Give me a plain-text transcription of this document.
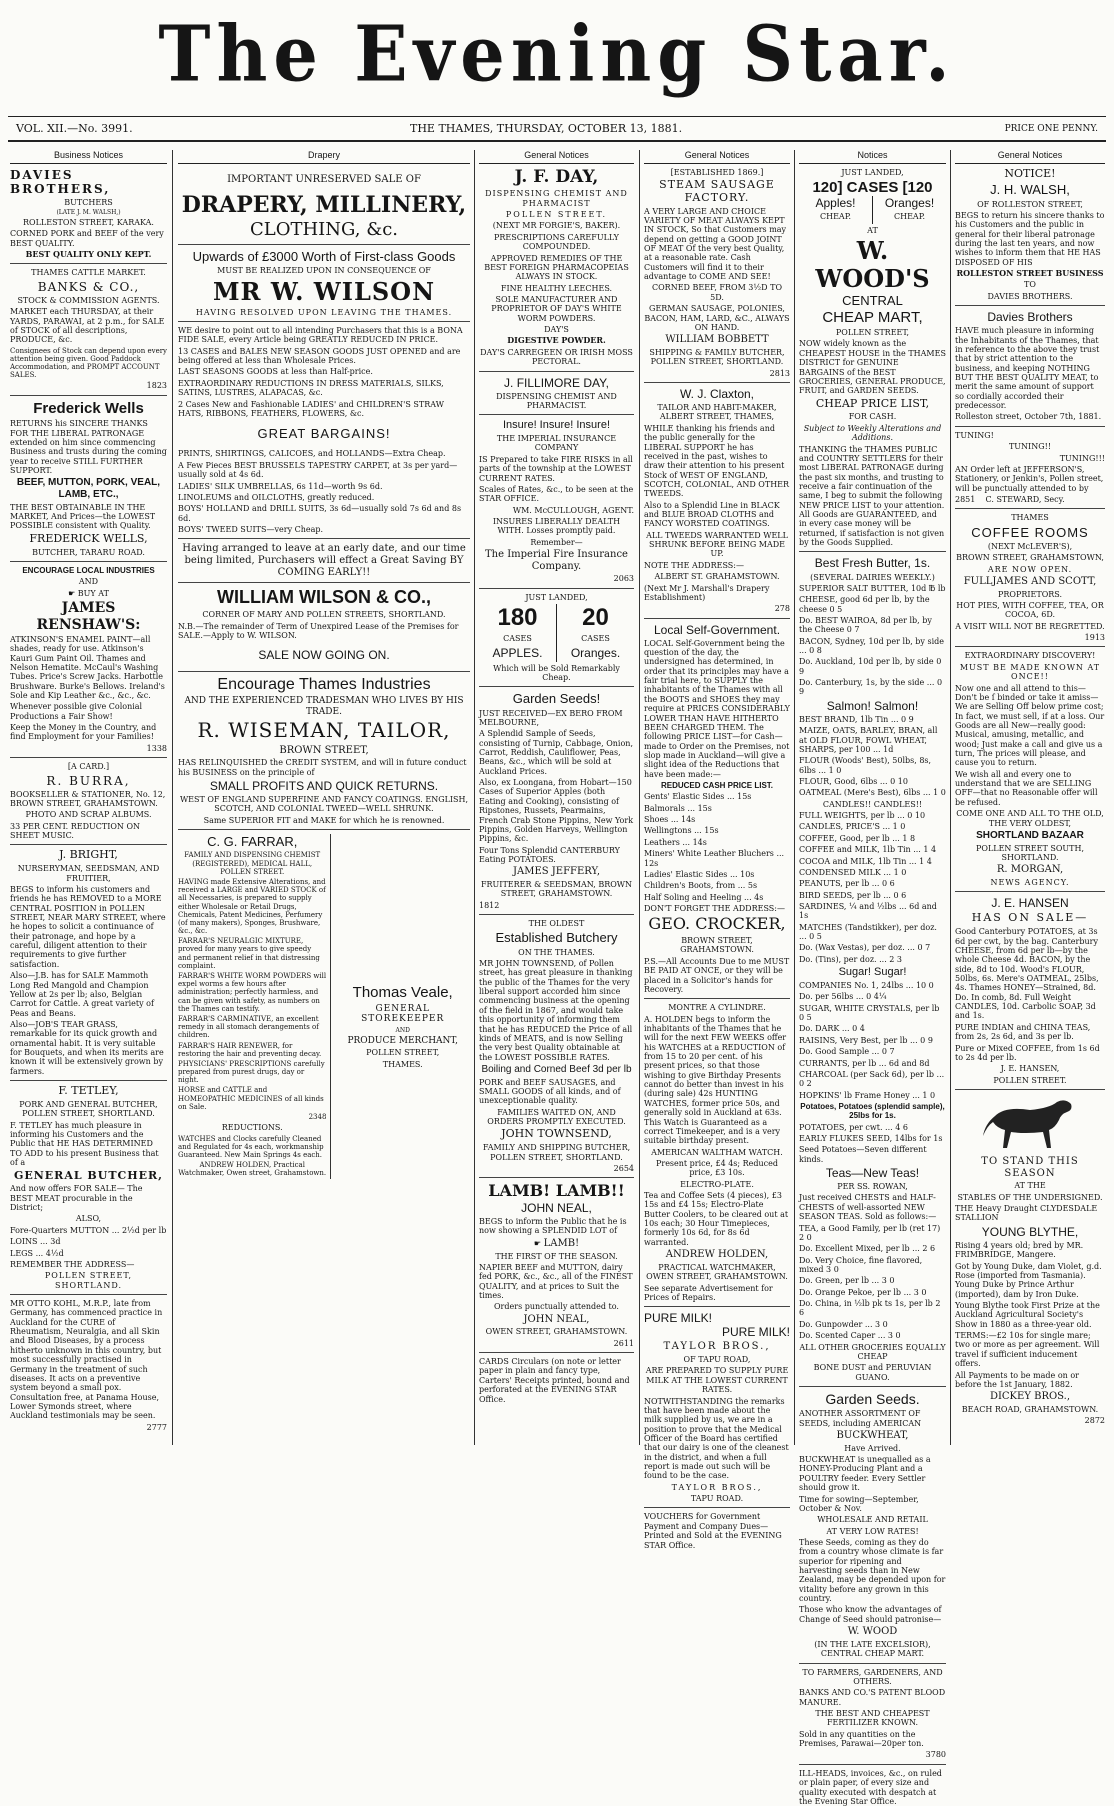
The Evening Star.
VOL. XII.—No. 3991.	THE THAMES, THURSDAY, OCTOBER 13, 1881.	PRICE ONE PENNY.
Business Notices
DAVIES BROTHERS,

BUTCHERS

(LATE J. M. WALSH,)

ROLLESTON STREET, KARAKA.

CORNED PORK and BEEF of the very BEST QUALITY.

BEST QUALITY ONLY KEPT.

THAMES CATTLE MARKET.

BANKS & CO.,

STOCK & COMMISSION AGENTS.

MARKET each THURSDAY, at their YARDS, PARAWAI, at 2 p.m., for SALE of STOCK of all descriptions, PRODUCE, &c.

Consignees of Stock can depend upon every attention being given. Good Paddock Accommodation, and PROMPT ACCOUNT SALES.

1823

Frederick Wells

RETURNS his SINCERE THANKS FOR THE LIBERAL PATRONAGE extended on him since commencing Business and trusts during the coming year to receive STILL FURTHER SUPPORT.

BEEF, MUTTON, PORK, VEAL, LAMB, ETC.,

THE BEST OBTAINABLE IN THE MARKET, And Prices—the LOWEST POSSIBLE consistent with Quality.

FREDERICK WELLS,

BUTCHER, TARARU ROAD.

ENCOURAGE LOCAL INDUSTRIES

AND

☛ BUY AT

JAMES RENSHAW'S:

ATKINSON'S ENAMEL PAINT—all shades, ready for use. Atkinson's Kauri Gum Paint Oil. Thames and Nelson Hematite. McCaul's Washing Tubes. Price's Screw Jacks. Harbottle Brushware. Burke's Bellows. Ireland's Sole and Kip Leather &c., &c., &c.

Whenever possible give Colonial Productions a Fair Show!

Keep the Money in the Country, and find Employment for your Families!

1338

[A CARD.]

R. BURRA,

BOOKSELLER & STATIONER, No. 12, BROWN STREET, GRAHAMSTOWN.

PHOTO AND SCRAP ALBUMS.

33 PER CENT. REDUCTION ON SHEET MUSIC.

J. BRIGHT,

NURSERYMAN, SEEDSMAN, AND FRUITIER,

BEGS to inform his customers and friends he has REMOVED to a MORE CENTRAL POSITION in POLLEN STREET, NEAR MARY STREET, where he hopes to solicit a continuance of their patronage, and hope by a careful, diligent attention to their requirements to give further satisfaction.

Also—J.B. has for SALE Mammoth Long Red Mangold and Champion Yellow at 2s per lb; also, Belgian Carrot for Cattle. A great variety of Peas and Beans.

Also—JOB'S TEAR GRASS, remarkable for its quick growth and ornamental habit. It is very suitable for Bouquets, and when its merits are known it will be extensively grown by farmers.

F. TETLEY,

PORK AND GENERAL BUTCHER, POLLEN STREET, SHORTLAND.

F. TETLEY has much pleasure in informing his Customers and the Public that HE HAS DETERMINED TO ADD to his present Business that of a

GENERAL BUTCHER,

And now offers FOR SALE— The BEST MEAT procurable in the District;

ALSO,

Fore-Quarters MUTTON ... 2½d per lb

LOINS ... 3d

LEGS ... 4½d

REMEMBER THE ADDRESS—

POLLEN STREET, SHORTLAND.

MR OTTO KOHL, M.R.P., late from Germany, has commenced practice in Auckland for the CURE of Rheumatism, Neuralgia, and all Skin and Blood Diseases, by a process hitherto unknown in this country, but most successfully practised in Germany in the treatment of such diseases. It acts on a preventive system beyond a small pox. Consultation free, at Panama House, Lower Symonds street, where Auckland testimonials may be seen.

2777

Drapery

IMPORTANT UNRESERVED SALE OF

DRAPERY, MILLINERY,
CLOTHING, &c.

Upwards of £3000 Worth of First-class Goods

MUST BE REALIZED UPON IN CONSEQUENCE OF

MR W. WILSON

HAVING RESOLVED UPON LEAVING THE THAMES.

WE desire to point out to all intending Purchasers that this is a BONA FIDE SALE, every Article being GREATLY REDUCED IN PRICE.

13 CASES and BALES NEW SEASON GOODS JUST OPENED and are being offered at less than Wholesale Prices.

LAST SEASONS GOODS at less than Half-price.

EXTRAORDINARY REDUCTIONS IN DRESS MATERIALS, SILKS, SATINS, LUSTRES, ALAPACAS, &c.

2 Cases New and Fashionable LADIES' and CHILDREN'S STRAW HATS, RIBBONS, FEATHERS, FLOWERS, &c.

GREAT BARGAINS!

PRINTS, SHIRTINGS, CALICOES, and HOLLANDS—Extra Cheap.

A Few Pieces BEST BRUSSELS TAPESTRY CARPET, at 3s per yard—usually sold at 4s 6d.

LADIES' SILK UMBRELLAS, 6s 11d—worth 9s 6d.

LINOLEUMS and OILCLOTHS, greatly reduced.

BOYS' HOLLAND and DRILL SUITS, 3s 6d—usually sold 7s 6d and 8s 6d.

BOYS' TWEED SUITS—very Cheap.

Having arranged to leave at an early date, and our time being limited, Purchasers will effect a Great Saving BY COMING EARLY!!

WILLIAM WILSON & CO.,

CORNER OF MARY AND POLLEN STREETS, SHORTLAND.

N.B.—The remainder of Term of Unexpired Lease of the Premises for SALE.—Apply to W. WILSON.

SALE NOW GOING ON.

Encourage Thames Industries

AND THE EXPERIENCED TRADESMAN WHO LIVES BY HIS TRADE.

R. WISEMAN, TAILOR,

BROWN STREET,

HAS RELINQUISHED the CREDIT SYSTEM, and will in future conduct his BUSINESS on the principle of

SMALL PROFITS AND QUICK RETURNS.

WEST OF ENGLAND SUPERFINE AND FANCY COATINGS. ENGLISH, SCOTCH, AND COLONIAL TWEED—WELL SHRUNK.

Same SUPERIOR FIT and MAKE for which he is renowned.

C. G. FARRAR,

FAMILY AND DISPENSING CHEMIST (REGISTERED), MEDICAL HALL, POLLEN STREET.

HAVING made Extensive Alterations, and received a LARGE and VARIED STOCK of all Necessaries, is prepared to supply either Wholesale or Retail Drugs, Chemicals, Patent Medicines, Perfumery (of many makers), Sponges, Brushware, &c., &c.

FARRAR'S NEURALGIC MIXTURE, proved for many years to give speedy and permanent relief in that distressing complaint.

FARRAR'S WHITE WORM POWDERS will expel worms a few hours after administration; perfectly harmless, and can be given with safety, as numbers on the Thames can testify.

FARRAR'S CARMINATIVE, an excellent remedy in all stomach derangements of children.

FARRAR'S HAIR RENEWER, for restoring the hair and preventing decay.

PHYSICIANS' PRESCRIPTIONS carefully prepared from purest drugs, day or night.

HORSE and CATTLE and HOMEOPATHIC MEDICINES of all kinds on Sale.

2348

REDUCTIONS.

WATCHES and Clocks carefully Cleaned and Regulated for 4s each, workmanship Guaranteed. New Main Springs 4s each.

ANDREW HOLDEN, Practical Watchmaker, Owen street, Grahamstown.

Thomas Veale,

GENERAL STOREKEEPER

AND

PRODUCE MERCHANT,

POLLEN STREET,

THAMES.

General Notices
J. F. DAY,

DISPENSING CHEMIST AND PHARMACIST

POLLEN STREET.

(NEXT MR FORGIE'S, BAKER).

PRESCRIPTIONS CAREFULLY COMPOUNDED.

APPROVED REMEDIES OF THE BEST FOREIGN PHARMACOPEIAS ALWAYS IN STOCK.

FINE HEALTHY LEECHES.

SOLE MANUFACTURER AND PROPRIETOR OF DAY'S WHITE WORM POWDERS.

DAY'S

DIGESTIVE POWDER.

DAY'S CARREGEEN OR IRISH MOSS PECTORAL.

J. FILLIMORE DAY,

DISPENSING CHEMIST AND PHARMACIST.

Insure! Insure! Insure!

THE IMPERIAL INSURANCE COMPANY

IS Prepared to take FIRE RISKS in all parts of the township at the LOWEST CURRENT RATES.

Scales of Rates, &c., to be seen at the STAR OFFICE.

WM. McCULLOUGH, AGENT.

INSURES LIBERALLY DEALTH WITH. Losses promptly paid.

Remember—

The Imperial Fire Insurance Company.

2063

JUST LANDED,

180

CASES

APPLES.

20

CASES

Oranges.

Which will be Sold Remarkably Cheap.

Garden Seeds!

JUST RECEIVED—EX BERO FROM MELBOURNE,

A Splendid Sample of Seeds, consisting of Turnip, Cabbage, Onion, Carrot, Reddish, Cauliflower, Peas, Beans, &c., which will be sold at Auckland Prices.

Also, ex Loongana, from Hobart—150 Cases of Superior Apples (both Eating and Cooking), consisting of Ripstones, Russets, Pearmains, French Crab Stone Pippins, New York Pippins, Golden Harveys, Wellington Pippins, &c.

Four Tons Splendid CANTERBURY Eating POTATOES.

JAMES JEFFERY,

FRUITERER & SEEDSMAN, BROWN STREET, GRAHAMSTOWN.

1812

THE OLDEST

Established Butchery

ON THE THAMES.

MR JOHN TOWNSEND, of Pollen street, has great pleasure in thanking the public of the Thames for the very liberal support accorded him since commencing business at the opening of the field in 1867, and would take this opportunity of informing them that he has REDUCED the Price of all kinds of MEATS, and is now Selling the very best Quality obtainable at the LOWEST POSSIBLE RATES.

Boiling and Corned Beef 3d per lb

PORK and BEEF SAUSAGES, and SMALL GOODS of all kinds, and of unexceptionable quality.

FAMILIES WAITED ON, AND ORDERS PROMPTLY EXECUTED.

JOHN TOWNSEND,

FAMILY AND SHIPPING BUTCHER, POLLEN STREET, SHORTLAND.

2654

LAMB! LAMB!!
JOHN NEAL,

BEGS to inform the Public that he is now showing a SPLENDID LOT of

☛ LAMB!

THE FIRST OF THE SEASON.

NAPIER BEEF and MUTTON, dairy fed PORK, &c., &c., all of the FINEST QUALITY, and at prices to Suit the times.

Orders punctually attended to.

JOHN NEAL,

OWEN STREET, GRAHAMSTOWN.

2611

CARDS Circulars (on note or letter paper in plain and fancy type, Carters' Receipts printed, bound and perforated at the EVENING STAR Office.

General Notices

[ESTABLISHED 1869.]

STEAM SAUSAGE FACTORY.

A VERY LARGE AND CHOICE VARIETY OF MEAT ALWAYS KEPT IN STOCK, So that Customers may depend on getting a GOOD JOINT OF MEAT Of the very best Quality, at a reasonable rate. Cash Customers will find it to their advantage to COME AND SEE!

CORNED BEEF, FROM 3½D TO 5D.

GERMAN SAUSAGE, POLONIES, BACON, HAM, LARD, &C., ALWAYS ON HAND.

WILLIAM BOBBETT

SHIPPING & FAMILY BUTCHER, POLLEN STREET, SHORTLAND.

2813

W. J. Claxton,

TAILOR AND HABIT-MAKER, ALBERT STREET, THAMES,

WHILE thanking his friends and the public generally for the LIBERAL SUPPORT he has received in the past, wishes to draw their attention to his present Stock of WEST OF ENGLAND, SCOTCH, COLONIAL, AND OTHER TWEEDS.

Also to a Splendid Line in BLACK and BLUE BROAD CLOTHS and FANCY WORSTED COATINGS.

ALL TWEEDS WARRANTED WELL SHRUNK BEFORE BEING MADE UP.

NOTE THE ADDRESS:—

ALBERT ST. GRAHAMSTOWN.

(Next Mr J. Marshall's Drapery Establishment)

278

Local Self-Government.

LOCAL Self-Government being the question of the day, the undersigned has determined, in order that its principles may have a fair trial here, to SUPPLY the inhabitants of the Thames with all the BOOTS and SHOES they may require at PRICES CONSIDERABLY LOWER THAN HAVE HITHERTO BEEN CHARGED THEM. The following PRICE LIST—for Cash—made to Order on the Premises, not slop made in Auckland—will give a slight idea of the Reductions that have been made:—

REDUCED CASH PRICE LIST.

Gents' Elastic Sides ... 15s

Balmorals ... 15s

Shoes ... 14s

Wellingtons ... 15s

Leathers ... 14s

Miners' White Leather Bluchers ... 12s

Ladies' Elastic Sides ... 10s

Children's Boots, from ... 5s

Half Soling and Heeling ... 4s

DON'T FORGET THE ADDRESS:—

GEO. CROCKER,

BROWN STREET, GRAHAMSTOWN.

P.S.—All Accounts Due to me MUST BE PAID AT ONCE, or they will be placed in a Solicitor's hands for Recovery.

MONTRE A CYLINDRE.

A. HOLDEN begs to inform the inhabitants of the Thames that he will for the next FEW WEEKS offer his WATCHES at a REDUCTION of from 15 to 20 per cent. of his present prices, so that those wishing to give Birthday Presents cannot do better than invest in his (during sale) 42s HUNTING WATCHES, former price 50s, and generally sold in Auckland at 63s. This Watch is Guaranteed as a correct Timekeeper, and is a very suitable birthday present.

AMERICAN WALTHAM WATCH.

Present price, £4 4s; Reduced price, £3 10s.

ELECTRO-PLATE.

Tea and Coffee Sets (4 pieces), £3 15s and £4 15s; Electro-Plate Butter Coolers, to be cleared out at 10s each; 30 Hour Timepieces, formerly 10s 6d, for 8s 6d warranted.

ANDREW HOLDEN,

PRACTICAL WATCHMAKER, OWEN STREET, GRAHAMSTOWN.

See separate Advertisement for Prices of Repairs.

PURE MILK!
PURE MILK!

TAYLOR BROS.,

OF TAPU ROAD,

ARE PREPARED TO SUPPLY PURE MILK AT THE LOWEST CURRENT RATES.

NOTWITHSTANDING the remarks that have been made about the milk supplied by us, we are in a position to prove that the Medical Officer of the Board has certified that our dairy is one of the cleanest in the district, and when a full report is made out such will be found to be the case.

TAYLOR BROS.,

TAPU ROAD.

VOUCHERS for Government Payment and Company Dues—Printed and Sold at the EVENING STAR Office.

Notices

JUST LANDED,

120] CASES [120
Apples!

CHEAP.

Oranges!

CHEAP.

AT

W. WOOD'S
CENTRAL
CHEAP MART,

POLLEN STREET,

NOW widely known as the CHEAPEST HOUSE in the THAMES DISTRICT for GENUINE BARGAINS of the BEST GROCERIES, GENERAL PRODUCE, FRUIT, and GARDEN SEEDS.

CHEAP PRICE LIST,

FOR CASH.

Subject to Weekly Alterations and Additions.

THANKING the THAMES PUBLIC and COUNTRY SETTLERS for their most LIBERAL PATRONAGE during the past six months, and trusting to receive a fair continuation of the same, I beg to submit the following NEW PRICE LIST to your attention. All Goods are GUARANTEED, and in every case money will be returned, if satisfaction is not given by the Goods Supplied.

Best Fresh Butter, 1s.

(SEVERAL DAIRIES WEEKLY.)

SUPERIOR SALT BUTTER, 10d ℔ lb

CHEESE, good 6d per lb, by the cheese 0 5

Do. BEST WAIROA, 8d per lb, by the Cheese 0 7

BACON, Sydney, 10d per lb, by side ... 0 8

Do. Auckland, 10d per lb, by side 0 9

Do. Canterbury, 1s, by the side ... 0 9

Salmon! Salmon!

BEST BRAND, 1lb Tin ... 0 9

MAIZE, OATS, BARLEY, BRAN, all at OLD FLOUR, FOWL WHEAT, SHARPS, per 100 ... 1d

FLOUR (Woods' Best), 50lbs, 8s, 6lbs ... 1 0

FLOUR, Good, 6lbs ... 0 10

OATMEAL (Mere's Best), 6lbs ... 1 0

CANDLES!! CANDLES!!

FULL WEIGHTS, per lb ... 0 10

CANDLES, PRICE'S ... 1 0

COFFEE, Good, per lb ... 1 8

COFFEE and MILK, 1lb Tin ... 1 4

COCOA and MILK, 1lb Tin ... 1 4

CONDENSED MILK ... 1 0

PEANUTS, per lb ... 0 6

BIRD SEEDS, per lb ... 0 6

SARDINES, ¼ and ½lbs ... 6d and 1s

MATCHES (Tandstikker), per doz. ... 0 5

Do. (Wax Vestas), per doz. ... 0 7

Do. (Tins), per doz. ... 2 3

Sugar! Sugar!

COMPANIES No. 1, 24lbs ... 10 0

Do. per 56lbs ... 0 4¼

SUGAR, WHITE CRYSTALS, per lb 0 5

Do. DARK ... 0 4

RAISINS, Very Best, per lb ... 0 9

Do. Good Sample ... 0 7

CURRANTS, per lb ... 6d and 8d

CHARCOAL (per Sack 6d), per lb ... 0 2

HOPKINS' lb Frame Honey ... 1 0

Potatoes, Potatoes (splendid sample), 25lbs for 1s.

POTATOES, per cwt. ... 4 6

EARLY FLUKES SEED, 14lbs for 1s

Seed Potatoes—Seven different kinds.

Teas—New Teas!

PER SS. ROWAN,

Just received CHESTS and HALF-CHESTS of well-assorted NEW SEASON TEAS. Sold as follows:—

TEA, a Good Family, per lb (ret 17) 2 0

Do. Excellent Mixed, per lb ... 2 6

Do. Very Choice, fine flavored, mixed 3 0

Do. Green, per lb ... 3 0

Do. Orange Pekoe, per lb ... 3 0

Do. China, in ½lb pk ts 1s, per lb 2 6

Do. Gunpowder ... 3 0

Do. Scented Caper ... 3 0

ALL OTHER GROCERIES EQUALLY CHEAP

BONE DUST and PERUVIAN GUANO.

Garden Seeds.

ANOTHER ASSORTMENT OF SEEDS, including AMERICAN

BUCKWHEAT,

Have Arrived.

BUCKWHEAT is unequalled as a HONEY-Producing Plant and a POULTRY feeder. Every Settler should grow it.

Time for sowing—September, October & Nov.

WHOLESALE AND RETAIL

AT VERY LOW RATES!

These Seeds, coming as they do from a country whose climate is far superior for ripening and harvesting seeds than in New Zealand, may be depended upon for vitality before any grown in this country.

Those who know the advantages of Change of Seed should patronise—

W. WOOD

(IN THE LATE EXCELSIOR), CENTRAL CHEAP MART.

TO FARMERS, GARDENERS, AND OTHERS.

BANKS AND CO.'S PATENT BLOOD MANURE.

THE BEST AND CHEAPEST FERTILIZER KNOWN.

Sold in any quantities on the Premises, Parawai—20per ton.

3780

ILL-HEADS, invoices, &c., on ruled or plain paper, of every size and quality executed with despatch at the Evening Star Office.

General Notices

NOTICE!

J. H. WALSH,

OF ROLLESTON STREET,

BEGS to return his sincere thanks to his Customers and the public in general for their liberal patronage during the last ten years, and now wishes to inform them that HE HAS DISPOSED OF HIS

ROLLESTON STREET BUSINESS

TO

DAVIES BROTHERS.

Davies Brothers

HAVE much pleasure in informing the Inhabitants of the Thames, that in reference to the above they trust that by strict attention to the business, and keeping NOTHING BUT THE BEST QUALITY MEAT, to merit the same amount of support so cordially accorded their predecessor.

Rolleston street, October 7th, 1881.

TUNING!

TUNING!!

TUNING!!!

AN Order left at JEFFERSON'S, Stationery, or Jenkin's, Pollen street, will be punctually attended to by

2851 C. STEWARD, Secy.

THAMES

COFFEE ROOMS

(NEXT McLEVER'S),

BROWN STREET, GRAHAMSTOWN,

ARE NOW OPEN.

FULLJAMES AND SCOTT,

PROPRIETORS.

HOT PIES, WITH COFFEE, TEA, OR COCOA, 6D.

A VISIT WILL NOT BE REGRETTED.

1913

EXTRAORDINARY DISCOVERY!

MUST BE MADE KNOWN AT ONCE!!

Now one and all attend to this— Don't be ſ binded or take it amiss— We are Selling Off below prime cost; In fact, we must sell, if at a loss. Our Goods are all New—really good: Musical, amusing, metallic, and wood; Just make a call and give us a turn, The prices will please, and cause you to return.

We wish all and every one to understand that we are SELLING OFF—that no Reasonable offer will be refused.

COME ONE AND ALL TO THE OLD, THE VERY OLDEST,

SHORTLAND BAZAAR

POLLEN STREET SOUTH, SHORTLAND.

R. MORGAN,

NEWS AGENCY.

J. E. HANSEN

HAS ON SALE—

Good Canterbury POTATOES, at 3s 6d per cwt, by the bag. Canterbury CHEESE, from 6d per lb—by the whole Cheese 4d. BACON, by the side, 8d to 10d. Wood's FLOUR, 50lbs, 6s. Mere's OATMEAL, 25lbs, 4s. Thames HONEY—Strained, 8d. Do. In comb, 8d. Full Weight CANDLES, 10d. Carbolic SOAP, 3d and 1s.

PURE INDIAN and CHINA TEAS, from 2s, 2s 6d, and 3s per lb.

Pure or Mixed COFFEE, from 1s 6d to 2s 4d per lb.

J. E. HANSEN,

POLLEN STREET.

TO STAND THIS SEASON

AT THE

STABLES OF THE UNDERSIGNED.

THE Heavy Draught CLYDESDALE STALLION

YOUNG BLYTHE,

Rising 4 years old; bred by MR. FRIMBRIDGE, Mangere.

Got by Young Duke, dam Violet, g.d. Rose (imported from Tasmania). Young Duke by Prince Arthur (imported), dam by Iron Duke.

Young Blythe took First Prize at the Auckland Agricultural Society's Show in 1880 as a three-year old.

TERMS:—£2 10s for single mare; two or more as per agreement. Will travel if sufficient inducement offers.

All Payments to be made on or before the 1st January, 1882.

DICKEY BROS.,

BEACH ROAD, GRAHAMSTOWN.

2872
